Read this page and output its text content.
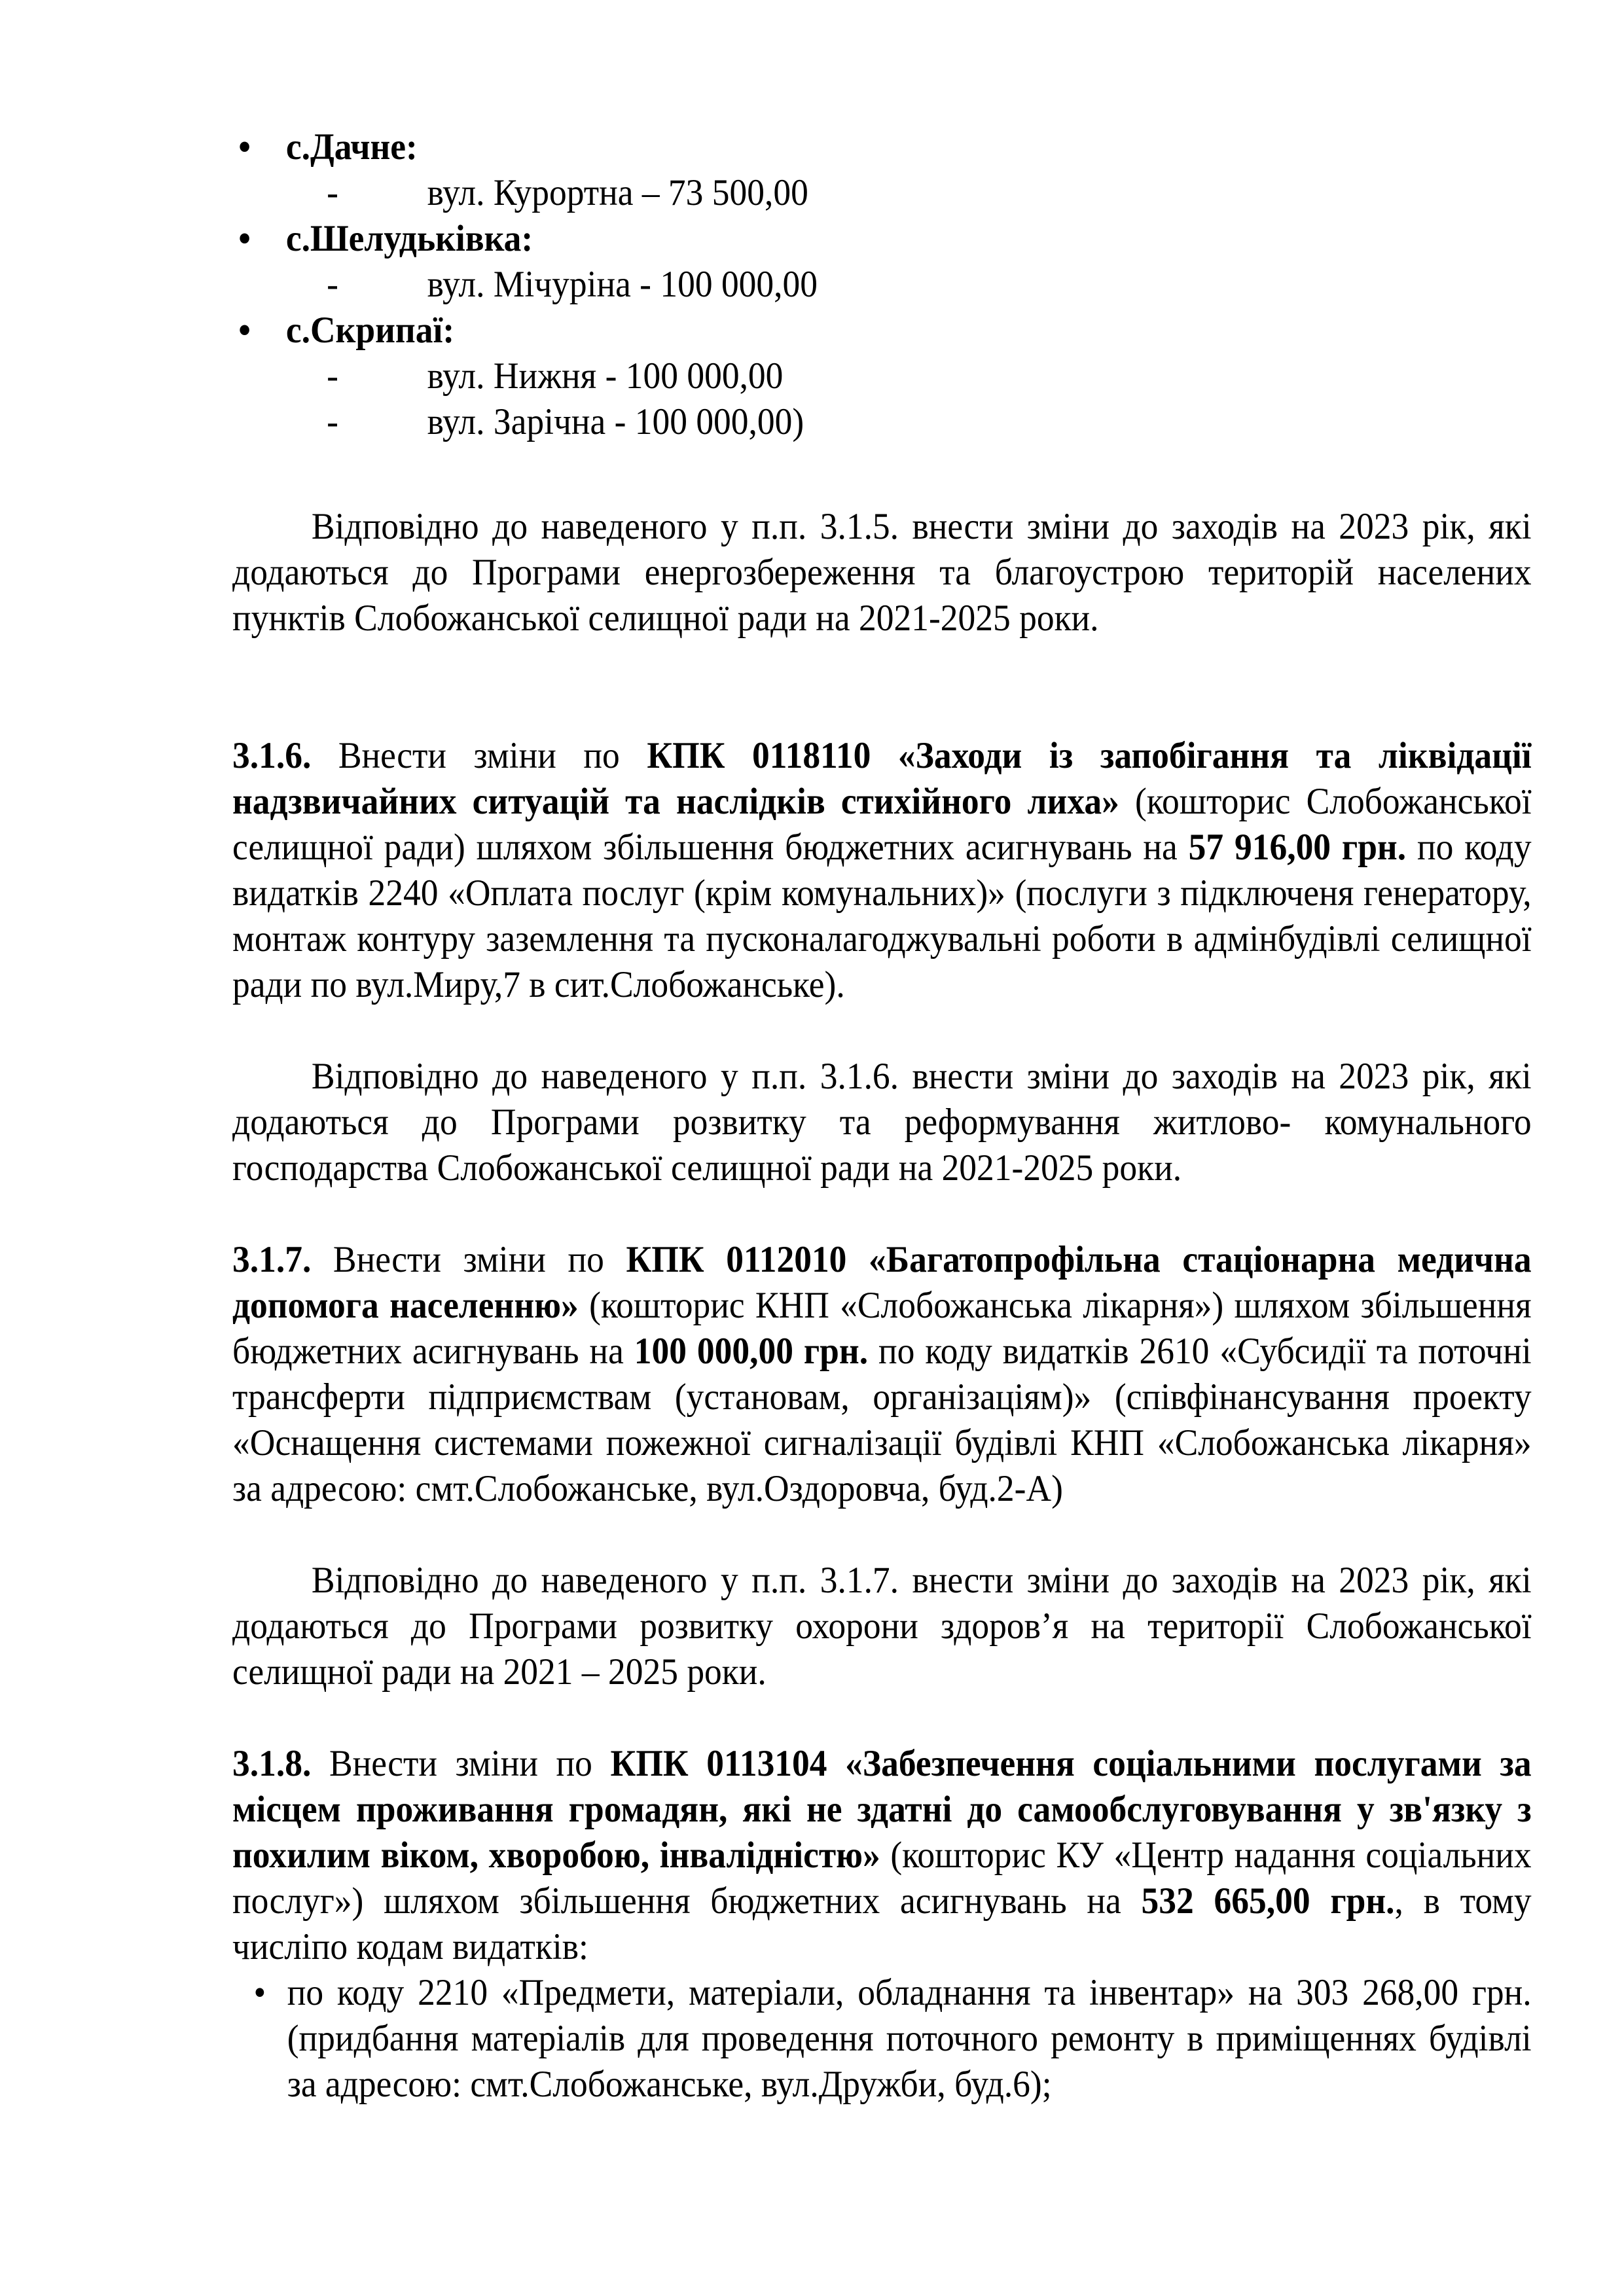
• с.Дачне:
- вул. Курортна – 73 500,00
• с.Шелудьківка:
- вул. Мічуріна - 100 000,00
• с.Скрипаї:
- вул. Нижня - 100 000,00
- вул. Зарічна - 100 000,00)

Відповідно до наведеного у п.п. 3.1.5. внести зміни до заходів на 2023 рік, які додаються до Програми енергозбереження та благоустрою територій населених пунктів Слобожанської селищної ради на 2021-2025 роки.

3.1.6. Внести зміни по КПК 0118110 «Заходи із запобігання та ліквідації надзвичайних ситуацій та наслідків стихійного лиха» (кошторис Слобожанської селищної ради) шляхом збільшення бюджетних асигнувань на 57 916,00 грн. по коду видатків 2240 «Оплата послуг (крім комунальних)» (послуги з підключеня генератору, монтаж контуру заземлення та пусконалагоджувальні роботи в адмінбудівлі селищної ради по вул.Миру,7 в сит.Слобожанське).

Відповідно до наведеного у п.п. 3.1.6. внести зміни до заходів на 2023 рік, які додаються до Програми розвитку та реформування житлово- комунального господарства Слобожанської селищної ради на 2021-2025 роки.

3.1.7. Внести зміни по КПК 0112010 «Багатопрофільна стаціонарна медична допомога населенню» (кошторис КНП «Слобожанська лікарня») шляхом збільшення бюджетних асигнувань на 100 000,00 грн. по коду видатків 2610 «Субсидії та поточні трансферти підприємствам (установам, організаціям)» (співфінансування проекту «Оснащення системами пожежної сигналізації будівлі КНП «Слобожанська лікарня» за адресою: смт.Слобожанське, вул.Оздоровча, буд.2-А)

Відповідно до наведеного у п.п. 3.1.7. внести зміни до заходів на 2023 рік, які додаються до Програми розвитку охорони здоров’я на території Слобожанської селищної ради на 2021 – 2025 роки.

3.1.8. Внести зміни по КПК 0113104 «Забезпечення соціальними послугами за місцем проживання громадян, які не здатні до самообслуговування у зв'язку з похилим віком, хворобою, інвалідністю» (кошторис КУ «Центр надання соціальних послуг») шляхом збільшення бюджетних асигнувань на 532 665,00 грн., в тому числіпо кодам видатків:

• по коду 2210 «Предмети, матеріали, обладнання та інвентар» на 303 268,00 грн. (придбання матеріалів для проведення поточного ремонту в приміщеннях будівлі за адресою: смт.Слобожанське, вул.Дружби, буд.6);
